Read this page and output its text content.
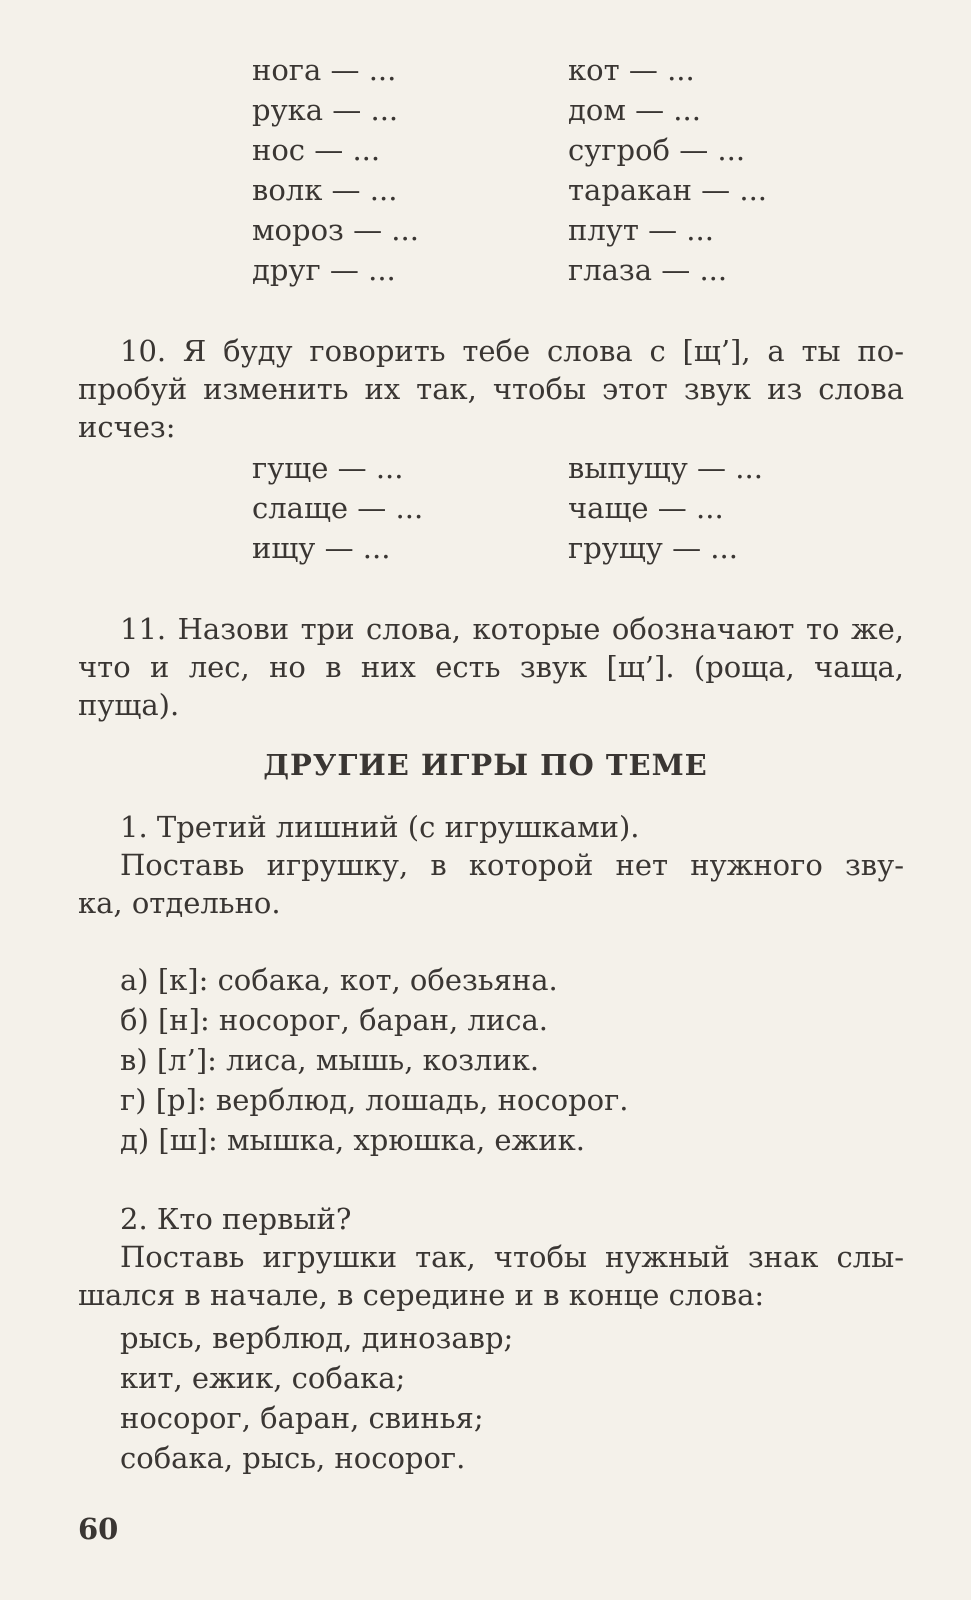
нога — ...
рука — ...
нос — ...
волк — ...
мороз — ...
друг — ...
кот — ...
дом — ...
сугроб — ...
таракан — ...
плут — ...
глаза — ...
10. Я буду говорить тебе слова с [щ’], а ты по-
пробуй изменить их так, чтобы этот звук из слова
исчез:
гуще — ...
слаще — ...
ищу — ...
выпущу — ...
чаще — ...
грущу — ...
11. Назови три слова, которые обозначают то же,
что и лес, но в них есть звук [щ’]. (роща, чаща, пуща).
ДРУГИЕ ИГРЫ ПО ТЕМЕ
1. Третий лишний (с игрушками).
Поставь игрушку, в которой нет нужного зву-
ка, отдельно.
а) [к]: собака, кот, обезьяна.
б) [н]: носорог, баран, лиса.
в) [л’]: лиса, мышь, козлик.
г) [р]: верблюд, лошадь, носорог.
д) [ш]: мышка, хрюшка, ежик.
2. Кто первый?
Поставь игрушки так, чтобы нужный знак слы-
шался в начале, в середине и в конце слова:
рысь, верблюд, динозавр;
кит, ежик, собака;
носорог, баран, свинья;
собака, рысь, носорог.
60
